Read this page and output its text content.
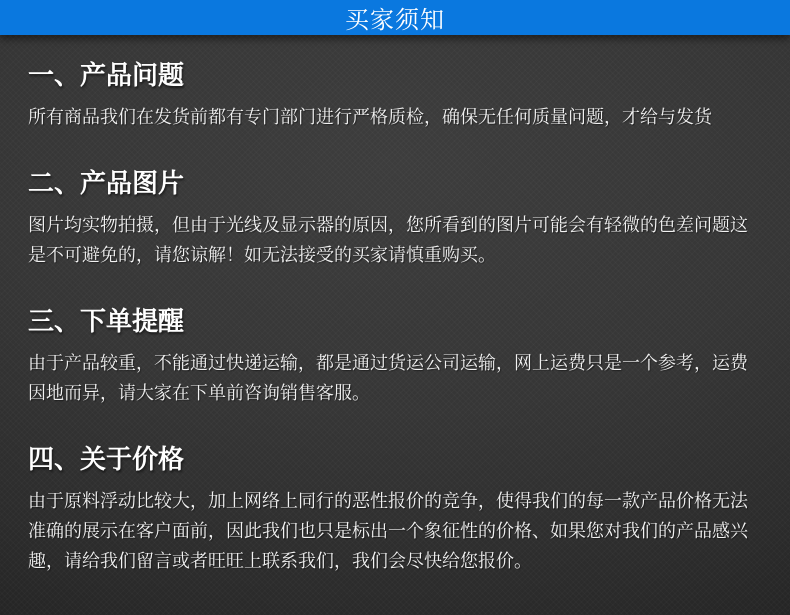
买家须知
一、产品问题
所有商品我们在发货前都有专门部门进行严格质检，确保无任何质量问题，才给与发货
二、产品图片
图片均实物拍摄，但由于光线及显示器的原因，您所看到的图片可能会有轻微的色差问题这是不可避免的，请您谅解！如无法接受的买家请慎重购买。
三、下单提醒
由于产品较重，不能通过快递运输，都是通过货运公司运输，网上运费只是一个参考，运费因地而异，请大家在下单前咨询销售客服。
四、关于价格
由于原料浮动比较大，加上网络上同行的恶性报价的竞争，使得我们的每一款产品价格无法准确的展示在客户面前，因此我们也只是标出一个象征性的价格、如果您对我们的产品感兴趣，请给我们留言或者旺旺上联系我们，我们会尽快给您报价。
